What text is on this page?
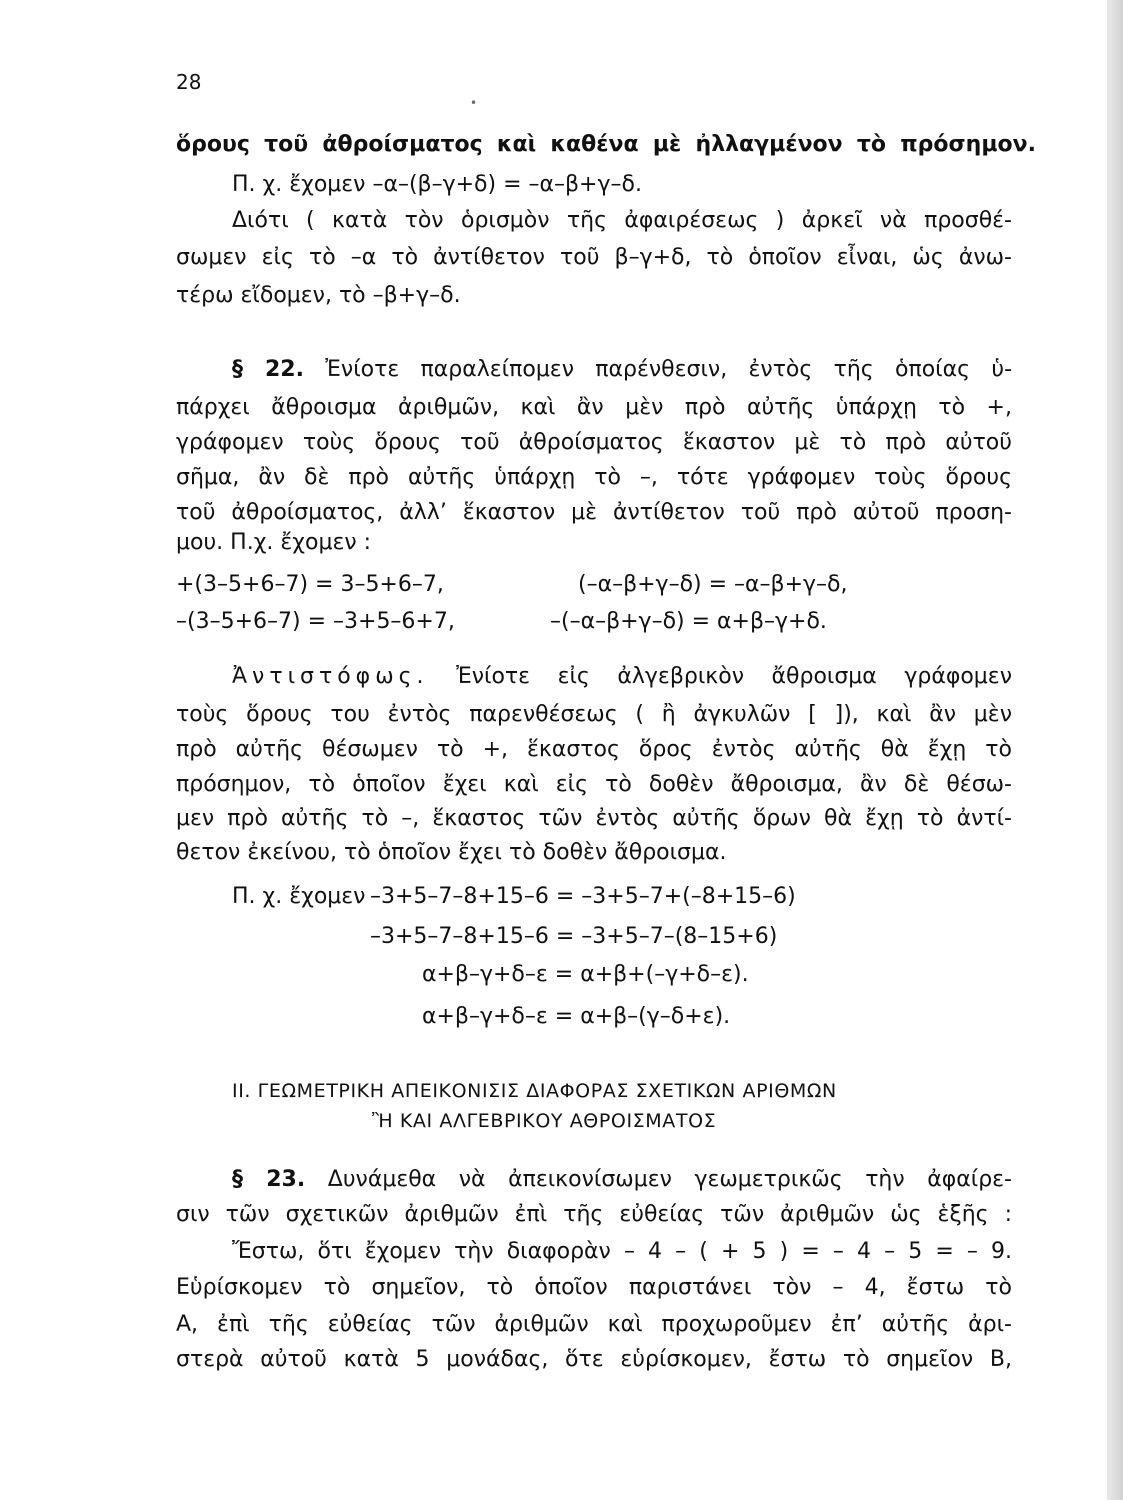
28
•
ὅρους τοῦ ἀθροίσματος καὶ καθένα μὲ ἠλλαγμένον τὸ πρόσημον.
Π. χ. ἔχομεν –α–(β–γ+δ) = –α–β+γ–δ.
Διότι ( κατὰ τὸν ὁρισμὸν τῆς ἀφαιρέσεως ) ἀρκεῖ νὰ προσθέ-
σωμεν εἰς τὸ –α τὸ ἀντίθετον τοῦ β–γ+δ, τὸ ὁποῖον εἶναι, ὡς ἀνω-
τέρω εἴδομεν, τὸ –β+γ–δ.
§ 22. Ἐνίοτε παραλείπομεν παρένθεσιν, ἐντὸς τῆς ὁποίας ὑ-
πάρχει ἄθροισμα ἀριθμῶν, καὶ ἂν μὲν πρὸ αὐτῆς ὑπάρχῃ τὸ +,
γράφομεν τοὺς ὅρους τοῦ ἀθροίσματος ἕκαστον μὲ τὸ πρὸ αὐτοῦ
σῆμα, ἂν δὲ πρὸ αὐτῆς ὑπάρχῃ τὸ –, τότε γράφομεν τοὺς ὅρους
τοῦ ἀθροίσματος, ἀλλ’ ἕκαστον μὲ ἀντίθετον τοῦ πρὸ αὐτοῦ προση-
μου. Π.χ. ἔχομεν :
+(3–5+6–7) = 3–5+6–7,	(–α–β+γ–δ) = –α–β+γ–δ,
–(3–5+6–7) = –3+5–6+7,	–(–α–β+γ–δ) = α+β–γ+δ.
Ἀντιστόφως. Ἐνίοτε εἰς ἀλγεβρικὸν ἄθροισμα γράφομεν
τοὺς ὅρους του ἐντὸς παρενθέσεως ( ἢ ἀγκυλῶν [ ]), καὶ ἂν μὲν
πρὸ αὐτῆς θέσωμεν τὸ +, ἕκαστος ὅρος ἐντὸς αὐτῆς θὰ ἔχῃ τὸ
πρόσημον, τὸ ὁποῖον ἔχει καὶ εἰς τὸ δοθὲν ἄθροισμα, ἂν δὲ θέσω-
μεν πρὸ αὐτῆς τὸ –, ἕκαστος τῶν ἐντὸς αὐτῆς ὅρων θὰ ἔχῃ τὸ ἀντί-
θετον ἐκείνου, τὸ ὁποῖον ἔχει τὸ δοθὲν ἄθροισμα.
Π. χ. ἔχομεν –3+5–7–8+15–6 = –3+5–7+(–8+15–6)
–3+5–7–8+15–6 = –3+5–7–(8–15+6)
α+β–γ+δ–ε = α+β+(–γ+δ–ε).
α+β–γ+δ–ε = α+β–(γ–δ+ε).
ΙΙ. ΓΕΩΜΕΤΡΙΚΗ ΑΠΕΙΚΟΝΙΣΙΣ ΔΙΑΦΟΡΑΣ ΣΧΕΤΙΚΩΝ ΑΡΙΘΜΩΝ
Ἢ ΚΑΙ ΑΛΓΕΒΡΙΚΟΥ ΑΘΡΟΙΣΜΑΤΟΣ
§ 23. Δυνάμεθα νὰ ἀπεικονίσωμεν γεωμετρικῶς τὴν ἀφαίρε-
σιν τῶν σχετικῶν ἀριθμῶν ἐπὶ τῆς εὐθείας τῶν ἀριθμῶν ὡς ἑξῆς :
Ἔστω, ὅτι ἔχομεν τὴν διαφορὰν – 4 – ( + 5 ) = – 4 – 5 = – 9.
Εὑρίσκομεν τὸ σημεῖον, τὸ ὁποῖον παριστάνει τὸν – 4, ἔστω τὸ
Α, ἐπὶ τῆς εὐθείας τῶν ἀριθμῶν καὶ προχωροῦμεν ἐπ’ αὐτῆς ἀρι-
στερὰ αὐτοῦ κατὰ 5 μονάδας, ὅτε εὑρίσκομεν, ἔστω τὸ σημεῖον Β,
